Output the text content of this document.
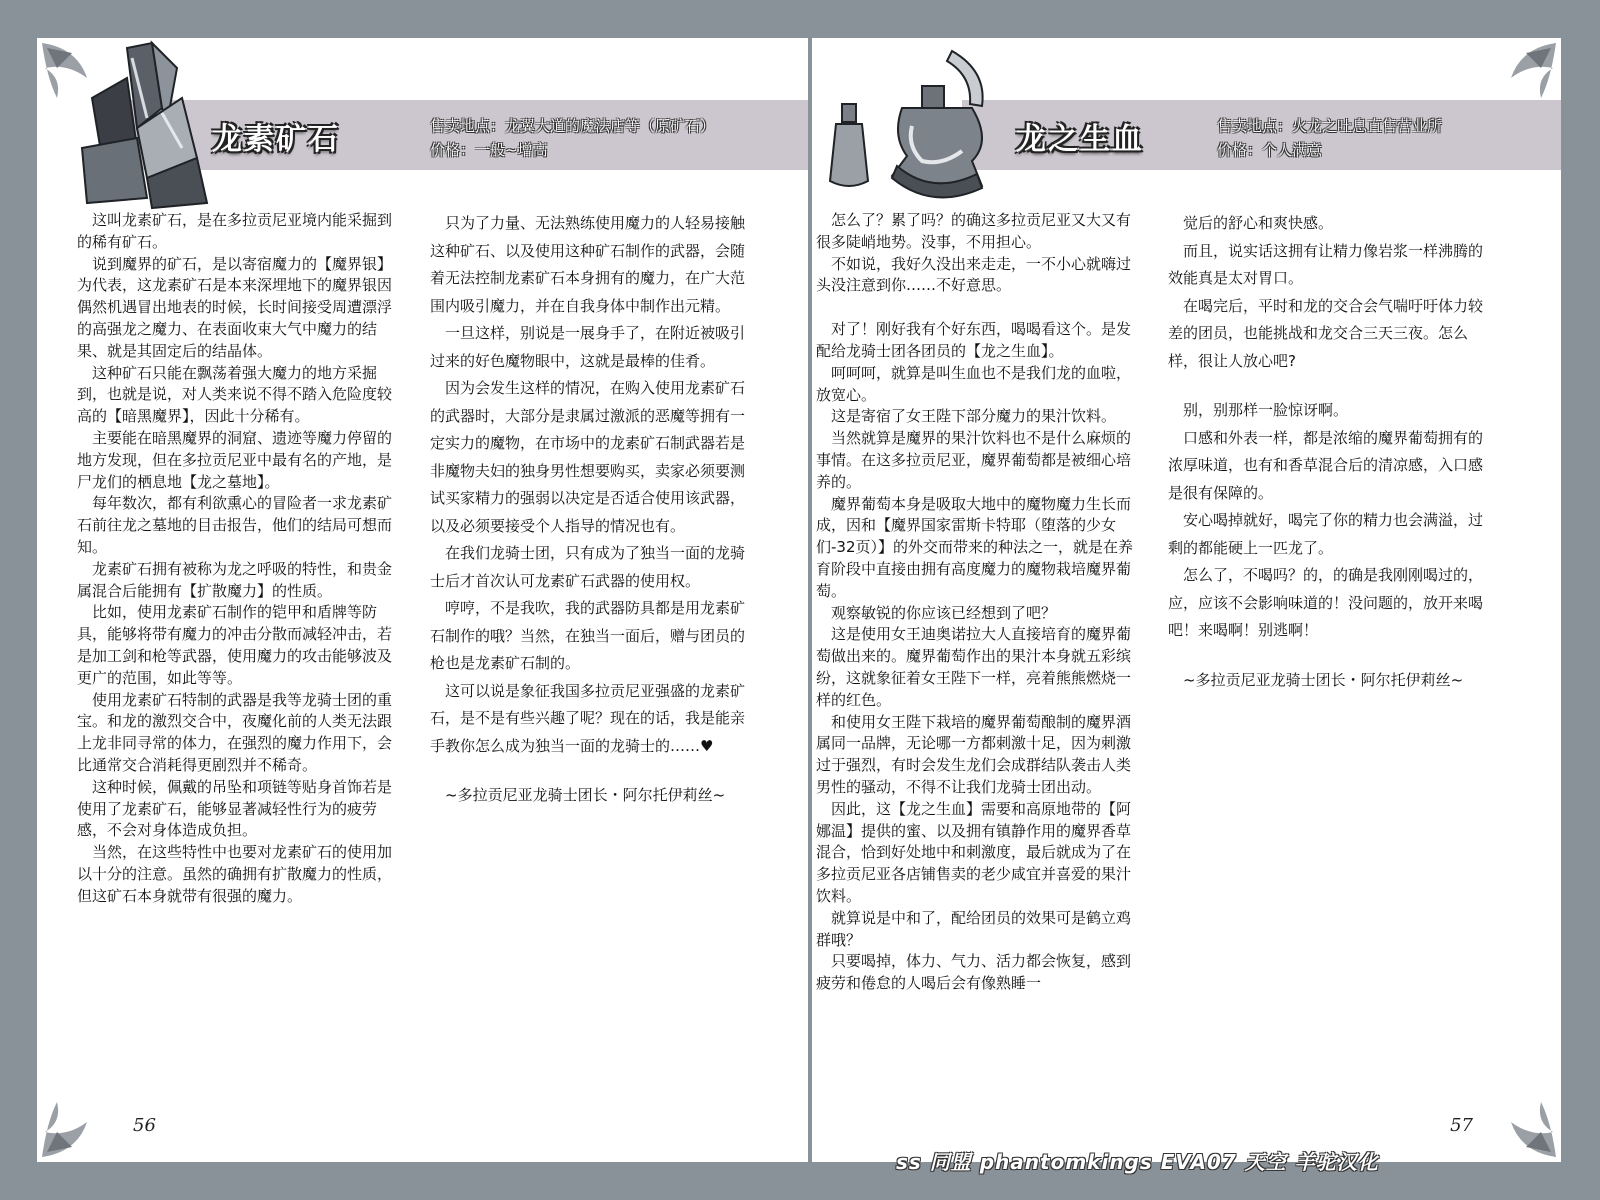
龙素矿石	售卖地点：龙翼大道的魔法店等（原矿石）
价格：一般~增高

这叫龙素矿石，是在多拉贡尼亚境内能采掘到的稀有矿石。

说到魔界的矿石，是以寄宿魔力的【魔界银】为代表，这龙素矿石是本来深埋地下的魔界银因偶然机遇冒出地表的时候，长时间接受周遭漂浮的高强龙之魔力、在表面收束大气中魔力的结果、就是其固定后的结晶体。

这种矿石只能在飘荡着强大魔力的地方采掘到，也就是说，对人类来说不得不踏入危险度较高的【暗黑魔界】，因此十分稀有。

主要能在暗黑魔界的洞窟、遗迹等魔力停留的地方发现，但在多拉贡尼亚中最有名的产地，是尸龙们的栖息地【龙之墓地】。

每年数次，都有利欲熏心的冒险者一求龙素矿石前往龙之墓地的目击报告，他们的结局可想而知。

龙素矿石拥有被称为龙之呼吸的特性，和贵金属混合后能拥有【扩散魔力】的性质。

比如，使用龙素矿石制作的铠甲和盾牌等防具，能够将带有魔力的冲击分散而减轻冲击，若是加工剑和枪等武器，使用魔力的攻击能够波及更广的范围，如此等等。

使用龙素矿石特制的武器是我等龙骑士团的重宝。和龙的激烈交合中，夜魔化前的人类无法跟上龙非同寻常的体力，在强烈的魔力作用下，会比通常交合消耗得更剧烈并不稀奇。

这种时候，佩戴的吊坠和项链等贴身首饰若是使用了龙素矿石，能够显著减轻性行为的疲劳感，不会对身体造成负担。

当然，在这些特性中也要对龙素矿石的使用加以十分的注意。虽然的确拥有扩散魔力的性质，但这矿石本身就带有很强的魔力。

只为了力量、无法熟练使用魔力的人轻易接触这种矿石、以及使用这种矿石制作的武器，会随着无法控制龙素矿石本身拥有的魔力，在广大范围内吸引魔力，并在自我身体中制作出元精。

一旦这样，别说是一展身手了，在附近被吸引过来的好色魔物眼中，这就是最棒的佳肴。

因为会发生这样的情况，在购入使用龙素矿石的武器时，大部分是隶属过激派的恶魔等拥有一定实力的魔物，在市场中的龙素矿石制武器若是非魔物夫妇的独身男性想要购买，卖家必须要测试买家精力的强弱以决定是否适合使用该武器，以及必须要接受个人指导的情况也有。

在我们龙骑士团，只有成为了独当一面的龙骑士后才首次认可龙素矿石武器的使用权。

哼哼，不是我吹，我的武器防具都是用龙素矿石制作的哦？当然，在独当一面后，赠与团员的枪也是龙素矿石制的。

这可以说是象征我国多拉贡尼亚强盛的龙素矿石，是不是有些兴趣了呢？现在的话，我是能亲手教你怎么成为独当一面的龙骑士的……♥

~多拉贡尼亚龙骑士团长・阿尔托伊莉丝~

56
龙之生血	售卖地点：火龙之吐息直售营业所
价格：个人满意

怎么了？累了吗？的确这多拉贡尼亚又大又有很多陡峭地势。没事，不用担心。

不如说，我好久没出来走走，一不小心就嗨过头没注意到你……不好意思。

对了！刚好我有个好东西，喝喝看这个。是发配给龙骑士团各团员的【龙之生血】。

呵呵呵，就算是叫生血也不是我们龙的血啦，放宽心。

这是寄宿了女王陛下部分魔力的果汁饮料。

当然就算是魔界的果汁饮料也不是什么麻烦的事情。在这多拉贡尼亚，魔界葡萄都是被细心培养的。

魔界葡萄本身是吸取大地中的魔物魔力生长而成，因和【魔界国家雷斯卡特耶（堕落的少女们-32页）】的外交而带来的种法之一，就是在养育阶段中直接由拥有高度魔力的魔物栽培魔界葡萄。

观察敏锐的你应该已经想到了吧？

这是使用女王迪奥诺拉大人直接培育的魔界葡萄做出来的。魔界葡萄作出的果汁本身就五彩缤纷，这就象征着女王陛下一样，亮着熊熊燃烧一样的红色。

和使用女王陛下栽培的魔界葡萄酿制的魔界酒属同一品牌，无论哪一方都刺激十足，因为刺激过于强烈，有时会发生龙们会成群结队袭击人类男性的骚动，不得不让我们龙骑士团出动。

因此，这【龙之生血】需要和高原地带的【阿娜温】提供的蜜、以及拥有镇静作用的魔界香草混合，恰到好处地中和刺激度，最后就成为了在多拉贡尼亚各店铺售卖的老少咸宜并喜爱的果汁饮料。

就算说是中和了，配给团员的效果可是鹤立鸡群哦？

只要喝掉，体力、气力、活力都会恢复，感到疲劳和倦怠的人喝后会有像熟睡一

觉后的舒心和爽快感。

而且，说实话这拥有让精力像岩浆一样沸腾的效能真是太对胃口。

在喝完后，平时和龙的交合会气喘吁吁体力较差的团员，也能挑战和龙交合三天三夜。怎么样，很让人放心吧?

别，别那样一脸惊讶啊。

口感和外表一样，都是浓缩的魔界葡萄拥有的浓厚味道，也有和香草混合后的清凉感，入口感是很有保障的。

安心喝掉就好，喝完了你的精力也会满溢，过剩的都能硬上一匹龙了。

怎么了，不喝吗？的，的确是我刚刚喝过的，应，应该不会影响味道的！没问题的，放开来喝吧！来喝啊！别逃啊！

~多拉贡尼亚龙骑士团长・阿尔托伊莉丝~

57
ss 同盟 phantomkings EVA07 天空 羊驼汉化
